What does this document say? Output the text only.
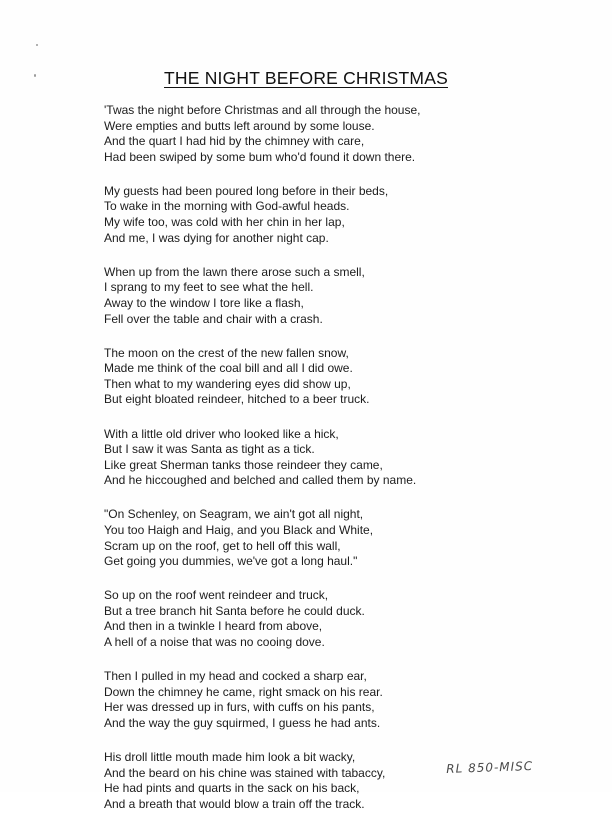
THE NIGHT BEFORE CHRISTMAS
'Twas the night before Christmas and all through the house,
Were empties and butts left around by some louse.
And the quart I had hid by the chimney with care,
Had been swiped by some bum who'd found it down there.
My guests had been poured long before in their beds,
To wake in the morning with God-awful heads.
My wife too, was cold with her chin in her lap,
And me, I was dying for another night cap.
When up from the lawn there arose such a smell,
I sprang to my feet to see what the hell.
Away to the window I tore like a flash,
Fell over the table and chair with a crash.
The moon on the crest of the new fallen snow,
Made me think of the coal bill and all I did owe.
Then what to my wandering eyes did show up,
But eight bloated reindeer, hitched to a beer truck.
With a little old driver who looked like a hick,
But I saw it was Santa as tight as a tick.
Like great Sherman tanks those reindeer they came,
And he hiccoughed and belched and called them by name.
"On Schenley, on Seagram, we ain't got all night,
You too Haigh and Haig, and you Black and White,
Scram up on the roof, get to hell off this wall,
Get going you dummies, we've got a long haul."
So up on the roof went reindeer and truck,
But a tree branch hit Santa before he could duck.
And then in a twinkle I heard from above,
A hell of a noise that was no cooing dove.
Then I pulled in my head and cocked a sharp ear,
Down the chimney he came, right smack on his rear.
Her was dressed up in furs, with cuffs on his pants,
And the way the guy squirmed, I guess he had ants.
His droll little mouth made him look a bit wacky,
And the beard on his chine was stained with tabaccy,
He had pints and quarts in the sack on his back,
And a breath that would blow a train off the track.
RL 850-MISC
